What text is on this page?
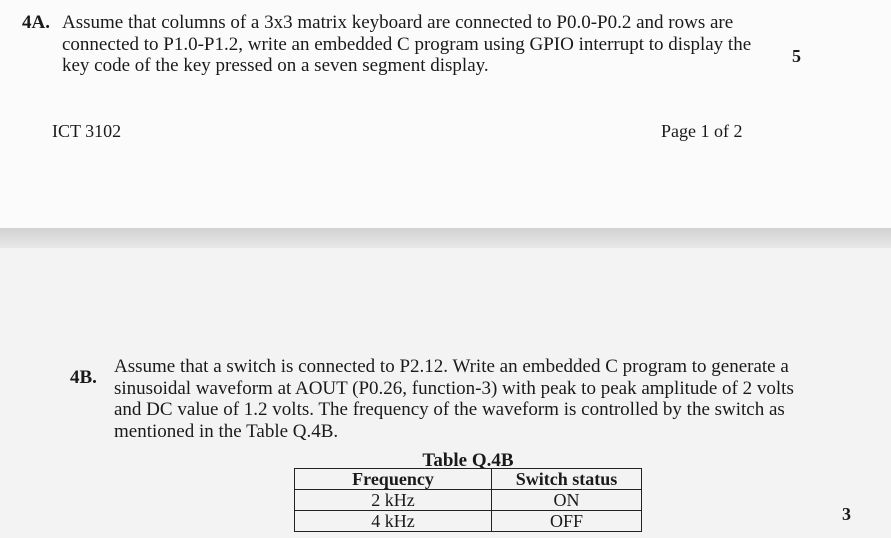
4A. Assume that columns of a 3x3 matrix keyboard are connected to P0.0-P0.2 and rows are
connected to P1.0-P1.2, write an embedded C program using GPIO interrupt to display the
key code of the key pressed on a seven segment display.	5
ICT 3102	Page 1 of 2
4B.
Assume that a switch is connected to P2.12. Write an embedded C program to generate a
sinusoidal waveform at AOUT (P0.26, function-3) with peak to peak amplitude of 2 volts
and DC value of 1.2 volts. The frequency of the waveform is controlled by the switch as
mentioned in the Table Q.4B.
Table Q.4B
Frequency	Switch status
2 kHz	ON
4 kHz	OFF	3
